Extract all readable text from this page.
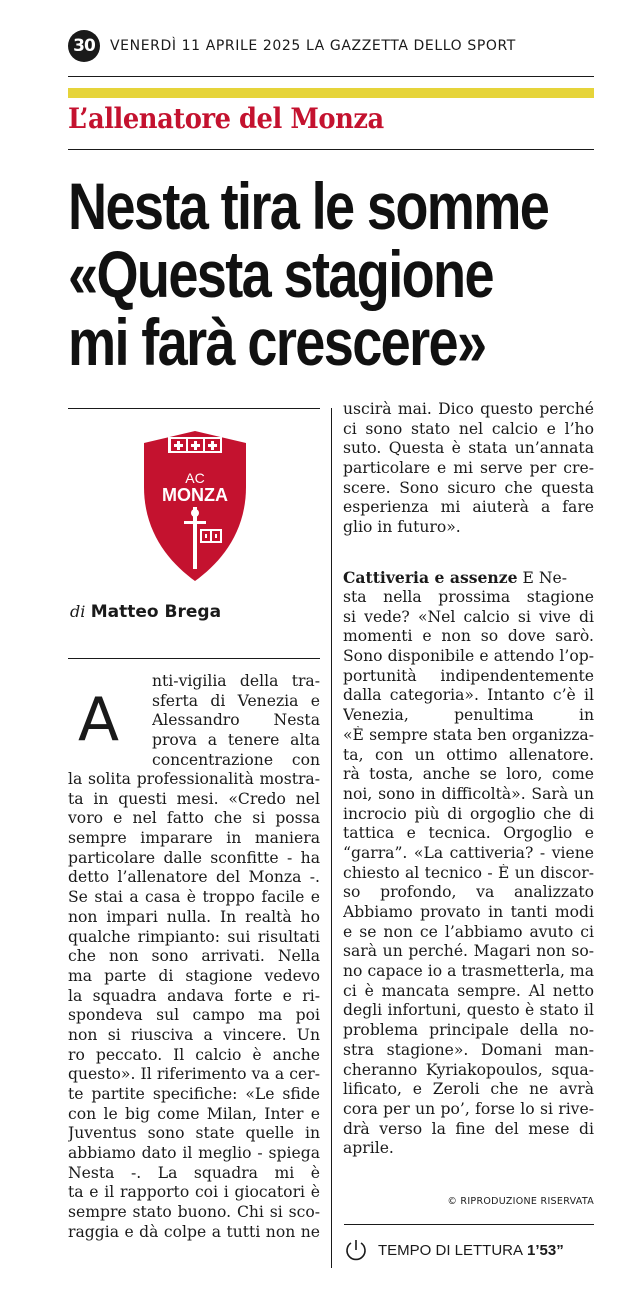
30	VENERDÌ 11 APRILE 2025 LA GAZZETTA DELLO SPORT
L’allenatore del Monza
Nesta tira le somme
«Questa stagione
mi farà crescere»
AC
MONZA
di Matteo Brega
A
nti-vigilia della tra-
sferta di Venezia e
Alessandro Nesta
prova a tenere alta
concentrazione con
la solita professionalità mostra-
ta in questi mesi. «Credo nel
voro e nel fatto che si possa
sempre imparare in maniera
particolare dalle sconfitte - ha
detto l’allenatore del Monza -.
Se stai a casa è troppo facile e
non impari nulla. In realtà ho
qualche rimpianto: sui risultati
che non sono arrivati. Nella
ma parte di stagione vedevo
la squadra andava forte e ri-
spondeva sul campo ma poi
non si riusciva a vincere. Un
ro peccato. Il calcio è anche
questo». Il riferimento va a cer-
te partite specifiche: «Le sfide
con le big come Milan, Inter e
Juventus sono state quelle in
abbiamo dato il meglio - spiega
Nesta -. La squadra mi è
ta e il rapporto coi i giocatori è
sempre stato buono. Chi si sco-
raggia e dà colpe a tutti non ne
uscirà mai. Dico questo perché
ci sono stato nel calcio e l’ho
suto. Questa è stata un’annata
particolare e mi serve per cre-
scere. Sono sicuro che questa
esperienza mi aiuterà a fare
glio in futuro».
Cattiveria e assenze E Ne-
sta nella prossima stagione
si vede? «Nel calcio si vive di
momenti e non so dove sarò.
Sono disponibile e attendo l’op-
portunità indipendentemente
dalla categoria». Intanto c’è il
Venezia, penultima in
«È sempre stata ben organizza-
ta, con un ottimo allenatore.
rà tosta, anche se loro, come
noi, sono in difficoltà». Sarà un
incrocio più di orgoglio che di
tattica e tecnica. Orgoglio e
“garra”. «La cattiveria? - viene
chiesto al tecnico - È un discor-
so profondo, va analizzato
Abbiamo provato in tanti modi
e se non ce l’abbiamo avuto ci
sarà un perché. Magari non so-
no capace io a trasmetterla, ma
ci è mancata sempre. Al netto
degli infortuni, questo è stato il
problema principale della no-
stra stagione». Domani man-
cheranno Kyriakopoulos, squa-
lificato, e Zeroli che ne avrà
cora per un po’, forse lo si rive-
drà verso la fine del mese di
aprile.
© RIPRODUZIONE RISERVATA
TEMPO DI LETTURA 1’53”
